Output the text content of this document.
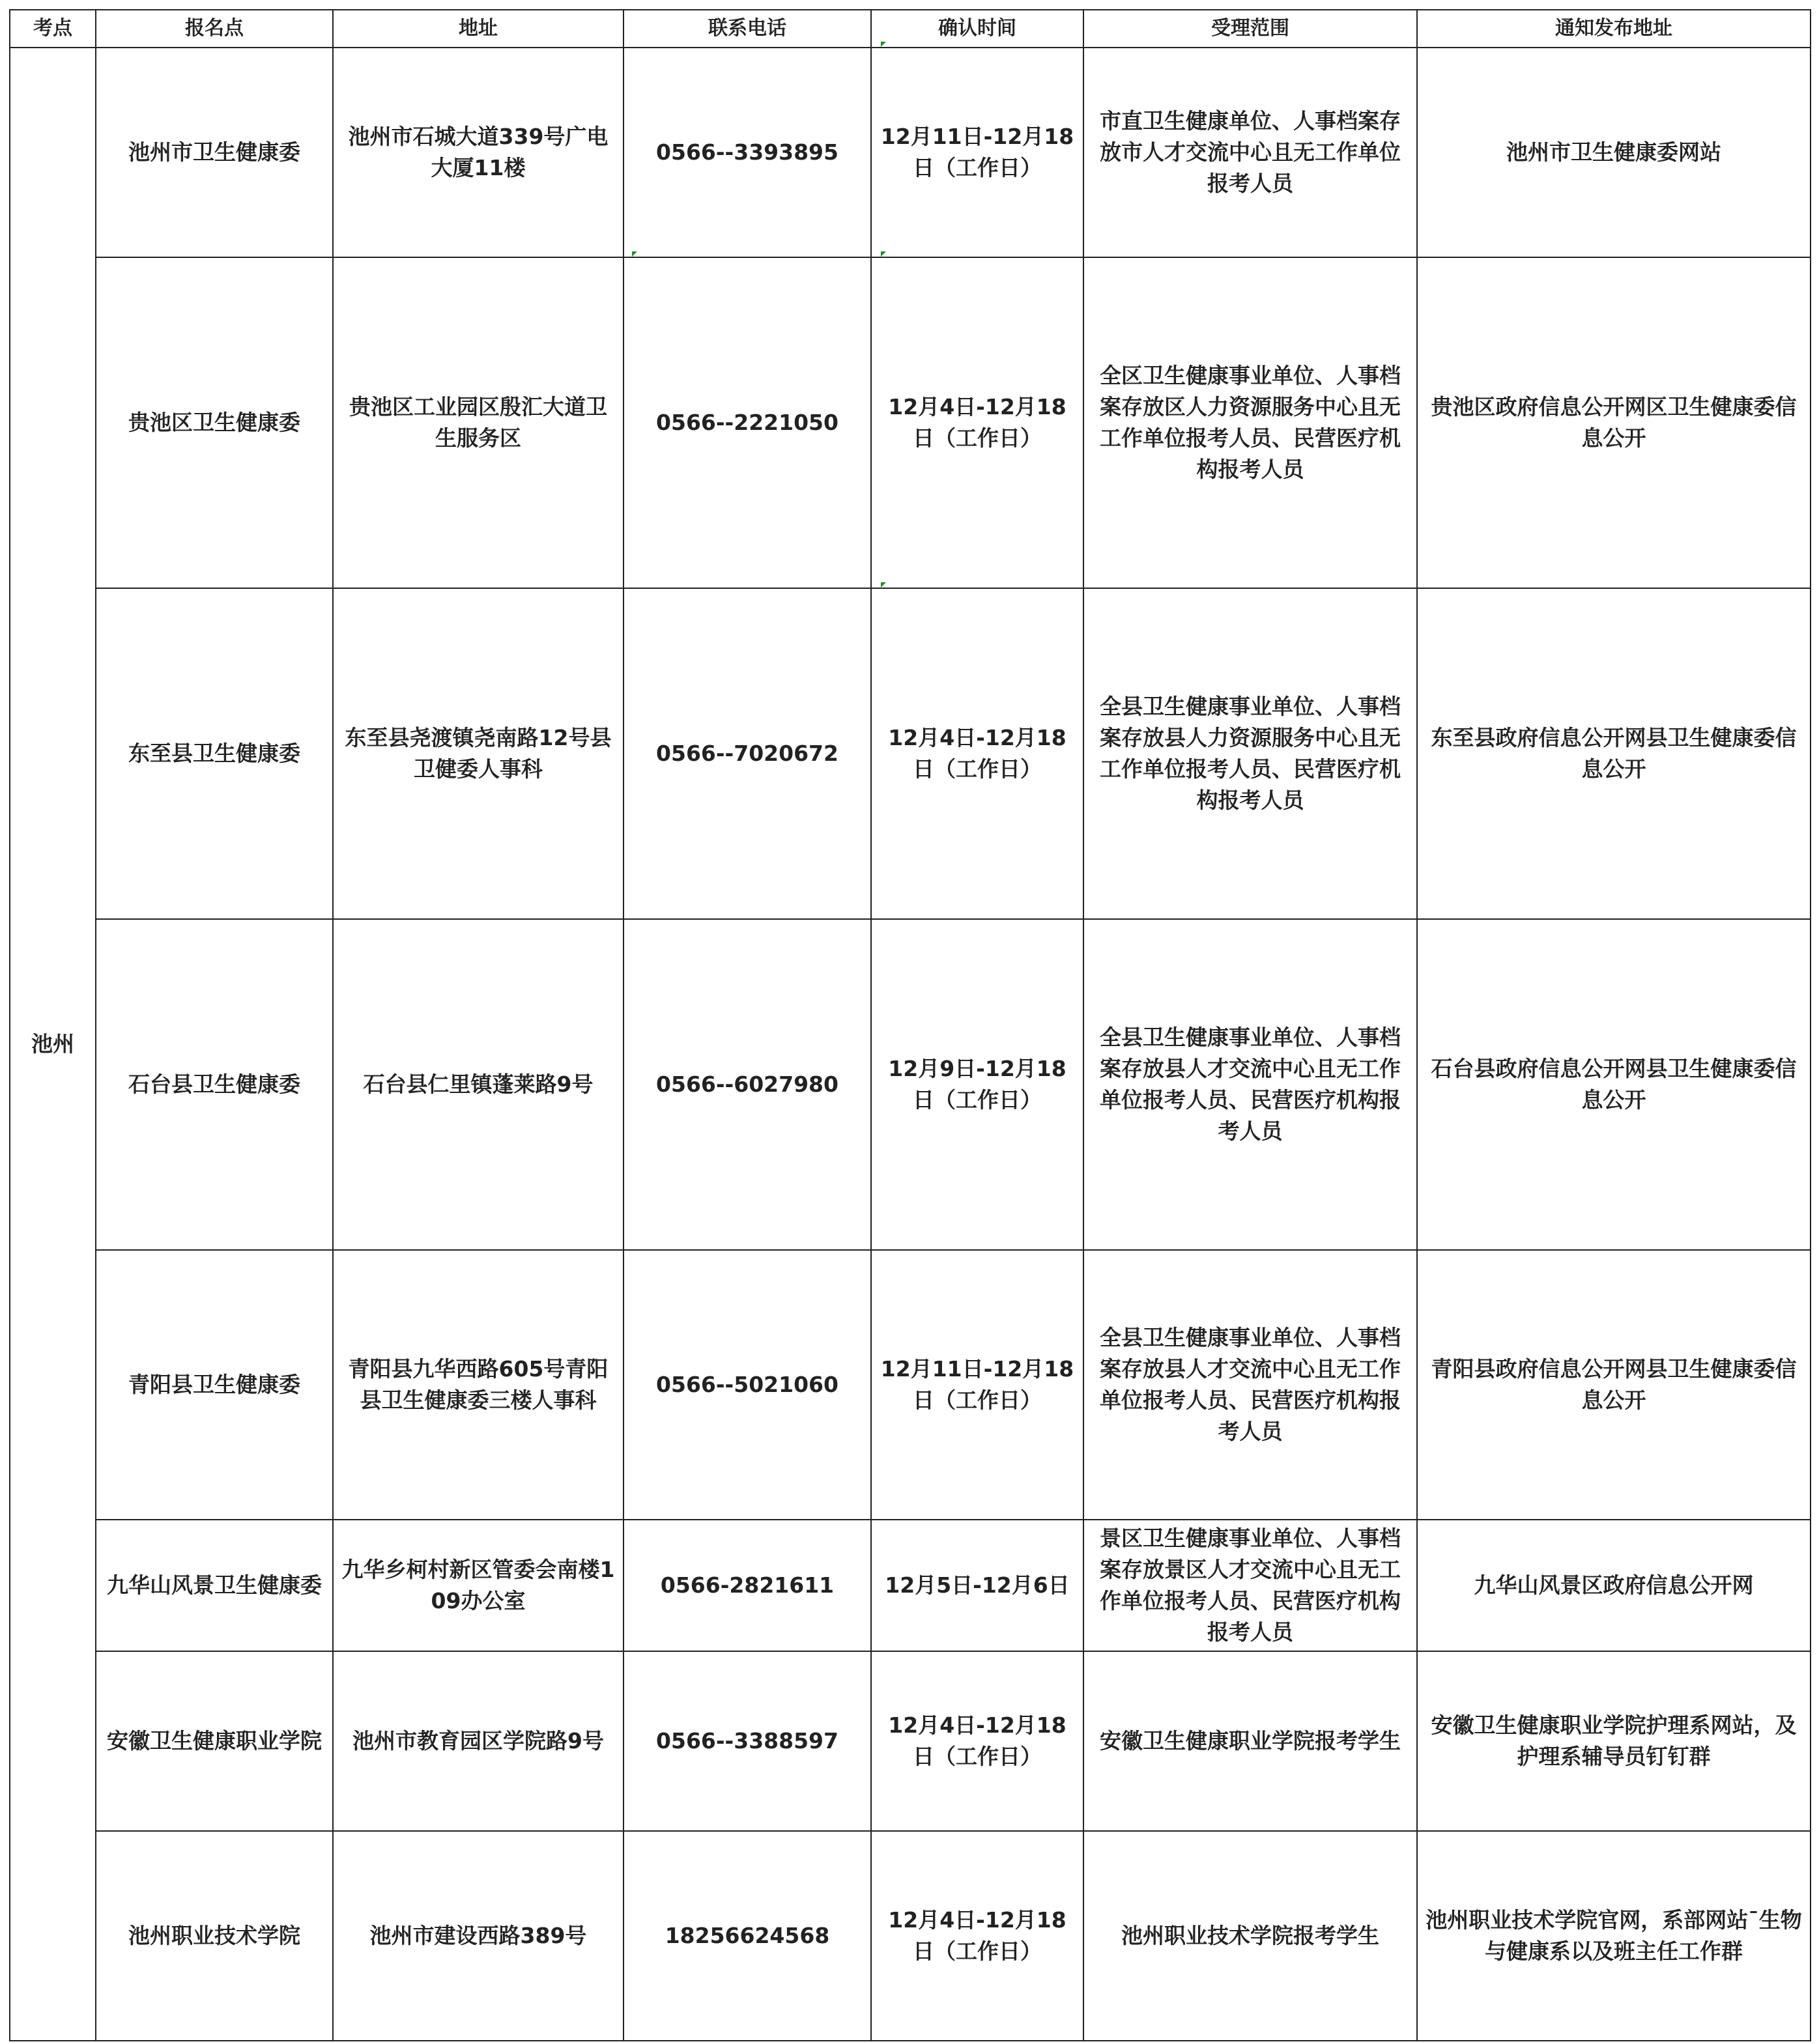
考点	报名点	地址	联系电话	确认时间	受理范围	通知发布地址
池州	池州市卫生健康委	池州市石城大道339号广电大厦11楼	0566--3393895	12月11日-12月18日（工作日）	市直卫生健康单位、人事档案存放市人才交流中心且无工作单位报考人员	池州市卫生健康委网站
	贵池区卫生健康委	贵池区工业园区殷汇大道卫生服务区	0566--2221050	12月4日-12月18日（工作日）	全区卫生健康事业单位、人事档案存放区人力资源服务中心且无工作单位报考人员、民营医疗机构报考人员	贵池区政府信息公开网区卫生健康委信息公开
	东至县卫生健康委	东至县尧渡镇尧南路12号县卫健委人事科	0566--7020672	12月4日-12月18日（工作日）	全县卫生健康事业单位、人事档案存放县人力资源服务中心且无工作单位报考人员、民营医疗机构报考人员	东至县政府信息公开网县卫生健康委信息公开
	石台县卫生健康委	石台县仁里镇蓬莱路9号	0566--6027980	12月9日-12月18日（工作日）	全县卫生健康事业单位、人事档案存放县人才交流中心且无工作单位报考人员、民营医疗机构报考人员	石台县政府信息公开网县卫生健康委信息公开
	青阳县卫生健康委	青阳县九华西路605号青阳县卫生健康委三楼人事科	0566--5021060	12月11日-12月18日（工作日）	全县卫生健康事业单位、人事档案存放县人才交流中心且无工作单位报考人员、民营医疗机构报考人员	青阳县政府信息公开网县卫生健康委信息公开
	九华山风景卫生健康委	九华乡柯村新区管委会南楼109办公室	0566-2821611	12月5日-12月6日	景区卫生健康事业单位、人事档案存放景区人才交流中心且无工作单位报考人员、民营医疗机构报考人员	九华山风景区政府信息公开网
	安徽卫生健康职业学院	池州市教育园区学院路9号	0566--3388597	12月4日-12月18日（工作日）	安徽卫生健康职业学院报考学生	安徽卫生健康职业学院护理系网站，及护理系辅导员钉钉群
	池州职业技术学院	池州市建设西路389号	18256624568	12月4日-12月18日（工作日）	池州职业技术学院报考学生	池州职业技术学院官网，系部网站¯生物与健康系以及班主任工作群
